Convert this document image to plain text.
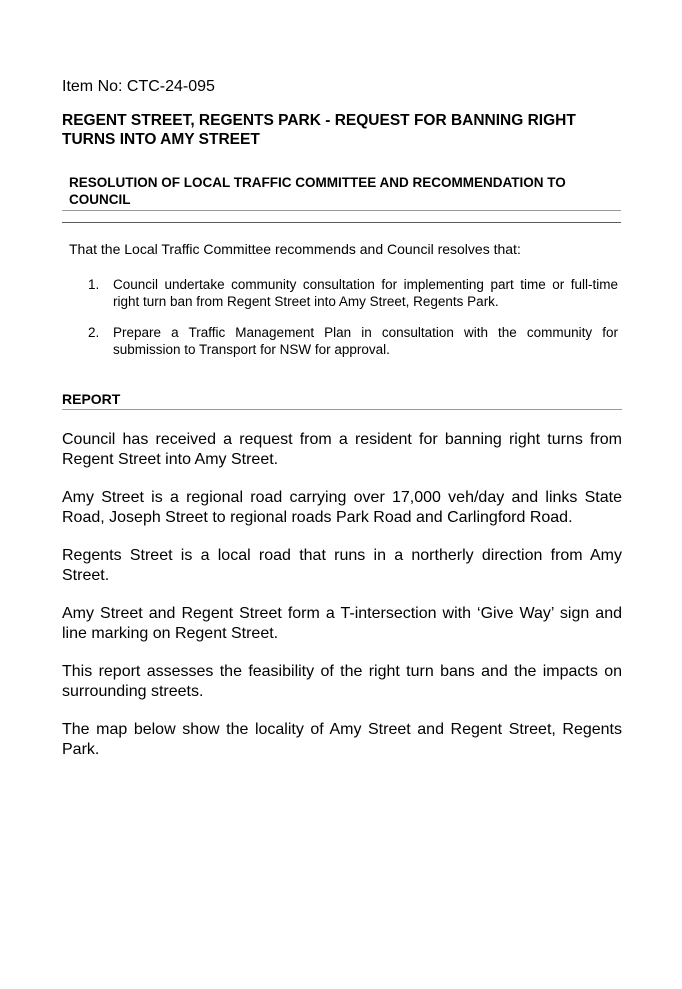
Item No: CTC-24-095
REGENT STREET, REGENTS PARK - REQUEST FOR BANNING RIGHT TURNS INTO AMY STREET
RESOLUTION OF LOCAL TRAFFIC COMMITTEE AND RECOMMENDATION TO COUNCIL
That the Local Traffic Committee recommends and Council resolves that:
1. Council undertake community consultation for implementing part time or full-time right turn ban from Regent Street into Amy Street, Regents Park.
2. Prepare a Traffic Management Plan in consultation with the community for submission to Transport for NSW for approval.
REPORT

Council has received a request from a resident for banning right turns from Regent Street into Amy Street.

Amy Street is a regional road carrying over 17,000 veh/day and links State Road, Joseph Street to regional roads Park Road and Carlingford Road.

Regents Street is a local road that runs in a northerly direction from Amy Street.

Amy Street and Regent Street form a T-intersection with ‘Give Way’ sign and line marking on Regent Street.

This report assesses the feasibility of the right turn bans and the impacts on surrounding streets.

The map below show the locality of Amy Street and Regent Street, Regents Park.
